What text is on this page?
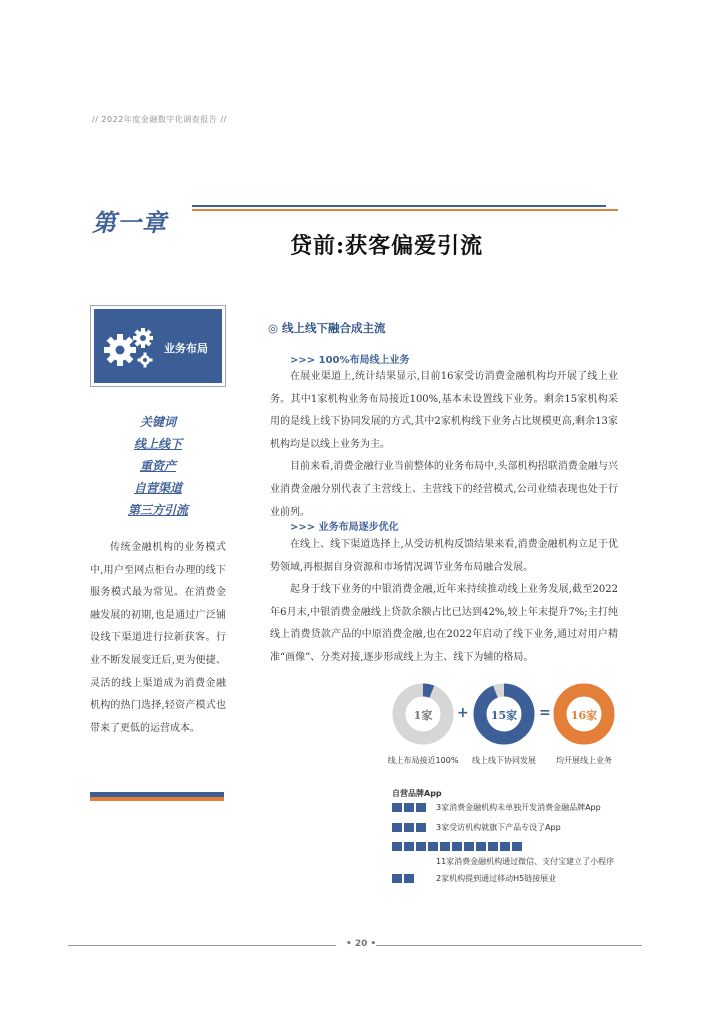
// 2022年度金融数字化调查报告 //
第一章
贷前:获客偏爱引流
业务布局
关键词
线上线下
重资产
自营渠道
第三方引流
传统金融机构的业务模式中,用户至网点柜台办理的线下服务模式最为常见。在消费金融发展的初期,也是通过广泛铺设线下渠道进行拉新获客。行业不断发展变迁后,更为便捷、灵活的线上渠道成为消费金融机构的热门选择,轻资产模式也带来了更低的运营成本。
◎ 线上线下融合成主流
>>> 100%布局线上业务

在展业渠道上,统计结果显示,目前16家受访消费金融机构均开展了线上业务。其中1家机构业务布局接近100%,基本未设置线下业务。剩余15家机构采用的是线上线下协同发展的方式,其中2家机构线下业务占比规模更高,剩余13家机构均是以线上业务为主。

目前来看,消费金融行业当前整体的业务布局中,头部机构招联消费金融与兴业消费金融分别代表了主营线上、主营线下的经营模式,公司业绩表现也处于行业前列。

>>> 业务布局逐步优化

在线上、线下渠道选择上,从受访机构反馈结果来看,消费金融机构立足于优势领域,再根据自身资源和市场情况调节业务布局融合发展。

起身于线下业务的中银消费金融,近年来持续推动线上业务发展,截至2022年6月末,中银消费金融线上贷款余额占比已达到42%,较上年末提升7%;主打纯线上消费贷款产品的中原消费金融,也在2022年启动了线下业务,通过对用户精准“画像”、分类对接,逐步形成线上为主、线下为辅的格局。

1家	+	15家	=	16家
线上布局接近100%	线上线下协同发展	均开展线上业务
自营品牌App
3家消费金融机构未单独开发消费金融品牌App
3家受访机构就旗下产品专设了App
11家消费金融机构通过微信、支付宝建立了小程序
2家机构提到通过移动H5链接展业
• 20 •
